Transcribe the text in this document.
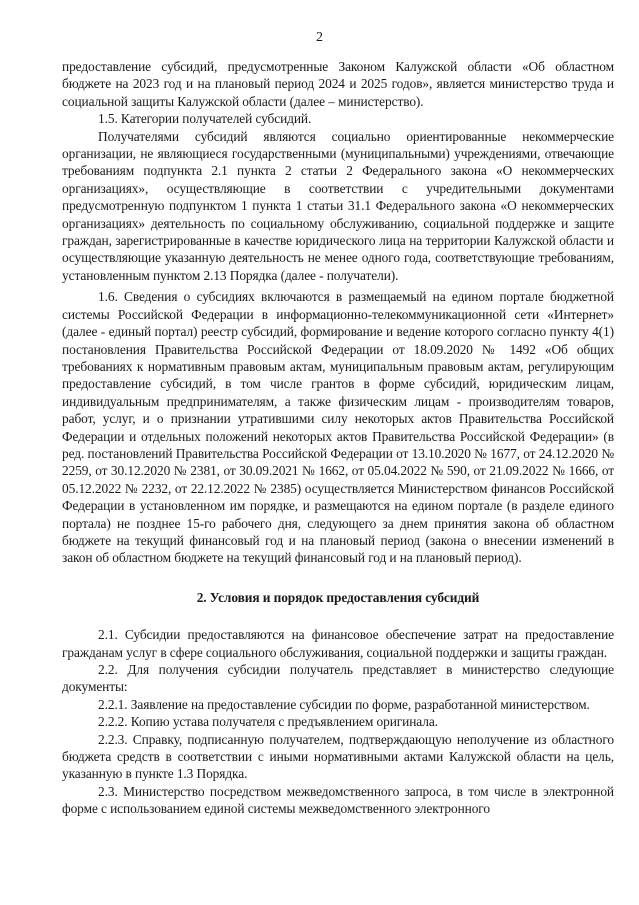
2

предоставление субсидий, предусмотренные Законом Калужской области «Об областном бюджете на 2023 год и на плановый период 2024 и 2025 годов», является министерство труда и социальной защиты Калужской области (далее – министерство).

1.5. Категории получателей субсидий.

Получателями субсидий являются социально ориентированные некоммерческие организации, не являющиеся государственными (муниципальными) учреждениями, отвечающие требованиям подпункта 2.1 пункта 2 статьи 2 Федерального закона «О некоммерческих организациях», осуществляющие в соответствии с учредительными документами предусмотренную подпунктом 1 пункта 1 статьи 31.1 Федерального закона «О некоммерческих организациях» деятельность по социальному обслуживанию, социальной поддержке и защите граждан, зарегистрированные в качестве юридического лица на территории Калужской области и осуществляющие указанную деятельность не менее одного года, соответствующие требованиям, установленным пунктом 2.13 Порядка (далее - получатели).

1.6. Сведения о субсидиях включаются в размещаемый на едином портале бюджетной системы Российской Федерации в информационно-телекоммуникационной сети «Интернет» (далее - единый портал) реестр субсидий, формирование и ведение которого согласно пункту 4(1) постановления Правительства Российской Федерации от 18.09.2020 № 1492 «Об общих требованиях к нормативным правовым актам, муниципальным правовым актам, регулирующим предоставление субсидий, в том числе грантов в форме субсидий, юридическим лицам, индивидуальным предпринимателям, а также физическим лицам - производителям товаров, работ, услуг, и о признании утратившими силу некоторых актов Правительства Российской Федерации и отдельных положений некоторых актов Правительства Российской Федерации» (в ред. постановлений Правительства Российской Федерации от 13.10.2020 № 1677, от 24.12.2020 № 2259, от 30.12.2020 № 2381, от 30.09.2021 № 1662, от 05.04.2022 № 590, от 21.09.2022 № 1666, от 05.12.2022 № 2232, от 22.12.2022 № 2385) осуществляется Министерством финансов Российской Федерации в установленном им порядке, и размещаются на едином портале (в разделе единого портала) не позднее 15-го рабочего дня, следующего за днем принятия закона об областном бюджете на текущий финансовый год и на плановый период (закона о внесении изменений в закон об областном бюджете на текущий финансовый год и на плановый период).

2. Условия и порядок предоставления субсидий

2.1. Субсидии предоставляются на финансовое обеспечение затрат на предоставление гражданам услуг в сфере социального обслуживания, социальной поддержки и защиты граждан.

2.2. Для получения субсидии получатель представляет в министерство следующие документы:

2.2.1. Заявление на предоставление субсидии по форме, разработанной министерством.

2.2.2. Копию устава получателя с предъявлением оригинала.

2.2.3. Справку, подписанную получателем, подтверждающую неполучение из областного бюджета средств в соответствии с иными нормативными актами Калужской области на цель, указанную в пункте 1.3 Порядка.

2.3. Министерство посредством межведомственного запроса, в том числе в электронной форме с использованием единой системы межведомственного электронного
